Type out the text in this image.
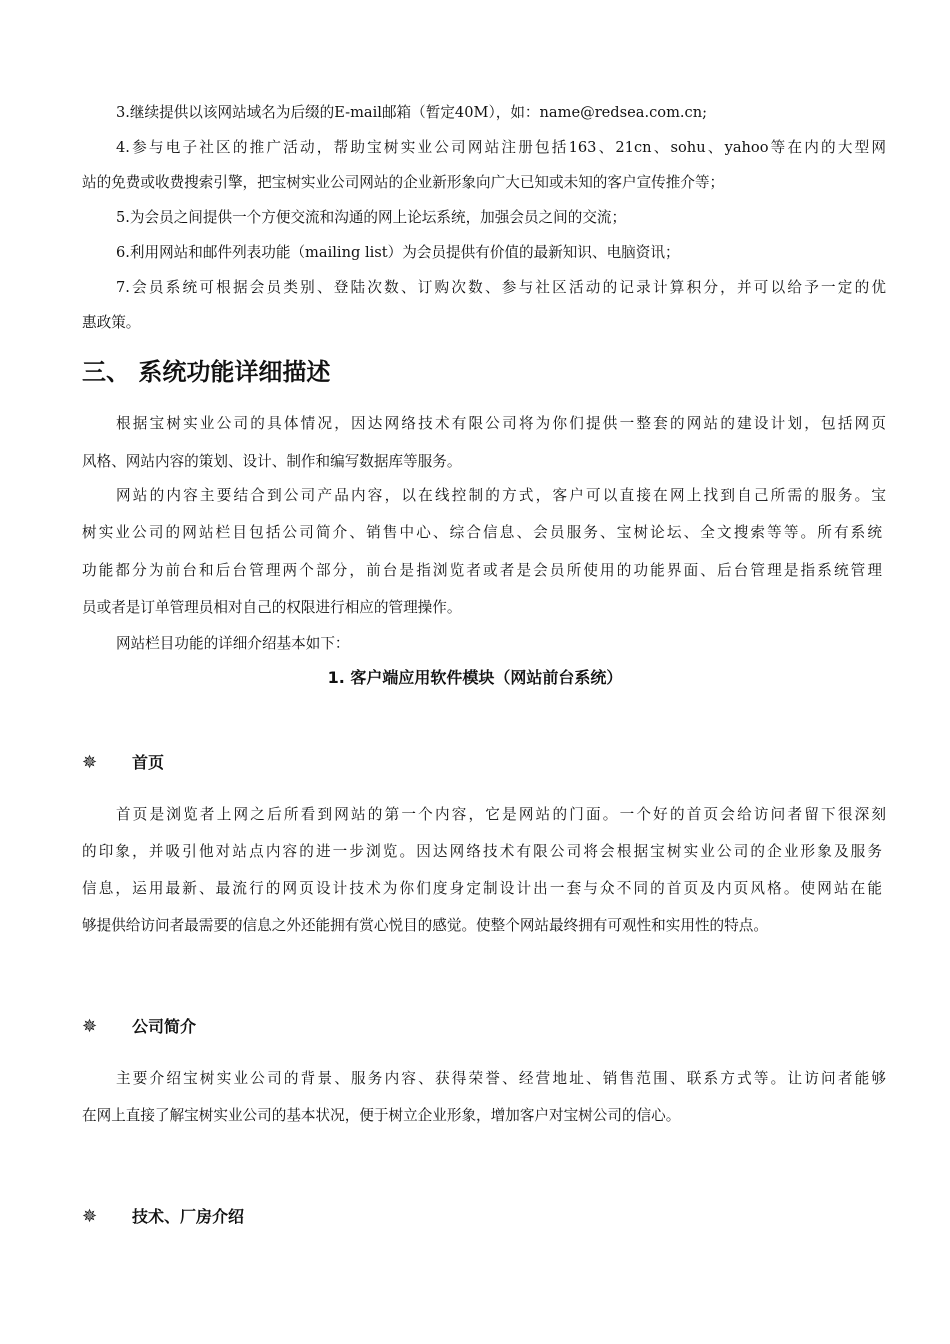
3.继续提供以该网站域名为后缀的E-mail邮箱（暂定40M），如：name@redsea.com.cn;
4.参与电子社区的推广活动，帮助宝树实业公司网站注册包括163、21cn、sohu、yahoo等在内的大型网
站的免费或收费搜索引擎，把宝树实业公司网站的企业新形象向广大已知或未知的客户宣传推介等；
5.为会员之间提供一个方便交流和沟通的网上论坛系统，加强会员之间的交流；
6.利用网站和邮件列表功能（mailing list）为会员提供有价值的最新知识、电脑资讯；
7.会员系统可根据会员类别、登陆次数、订购次数、参与社区活动的记录计算积分，并可以给予一定的优
惠政策。
三、 系统功能详细描述
根据宝树实业公司的具体情况，因达网络技术有限公司将为你们提供一整套的网站的建设计划，包括网页
风格、网站内容的策划、设计、制作和编写数据库等服务。
网站的内容主要结合到公司产品内容，以在线控制的方式，客户可以直接在网上找到自己所需的服务。宝
树实业公司的网站栏目包括公司简介、销售中心、综合信息、会员服务、宝树论坛、全文搜索等等。所有系统
功能都分为前台和后台管理两个部分，前台是指浏览者或者是会员所使用的功能界面、后台管理是指系统管理
员或者是订单管理员相对自己的权限进行相应的管理操作。
网站栏目功能的详细介绍基本如下：
1. 客户端应用软件模块（网站前台系统）
✵ 首页
首页是浏览者上网之后所看到网站的第一个内容，它是网站的门面。一个好的首页会给访问者留下很深刻
的印象，并吸引他对站点内容的进一步浏览。因达网络技术有限公司将会根据宝树实业公司的企业形象及服务
信息，运用最新、最流行的网页设计技术为你们度身定制设计出一套与众不同的首页及内页风格。使网站在能
够提供给访问者最需要的信息之外还能拥有赏心悦目的感觉。使整个网站最终拥有可观性和实用性的特点。
✵ 公司简介
主要介绍宝树实业公司的背景、服务内容、获得荣誉、经营地址、销售范围、联系方式等。让访问者能够
在网上直接了解宝树实业公司的基本状况，便于树立企业形象，增加客户对宝树公司的信心。
✵ 技术、厂房介绍
